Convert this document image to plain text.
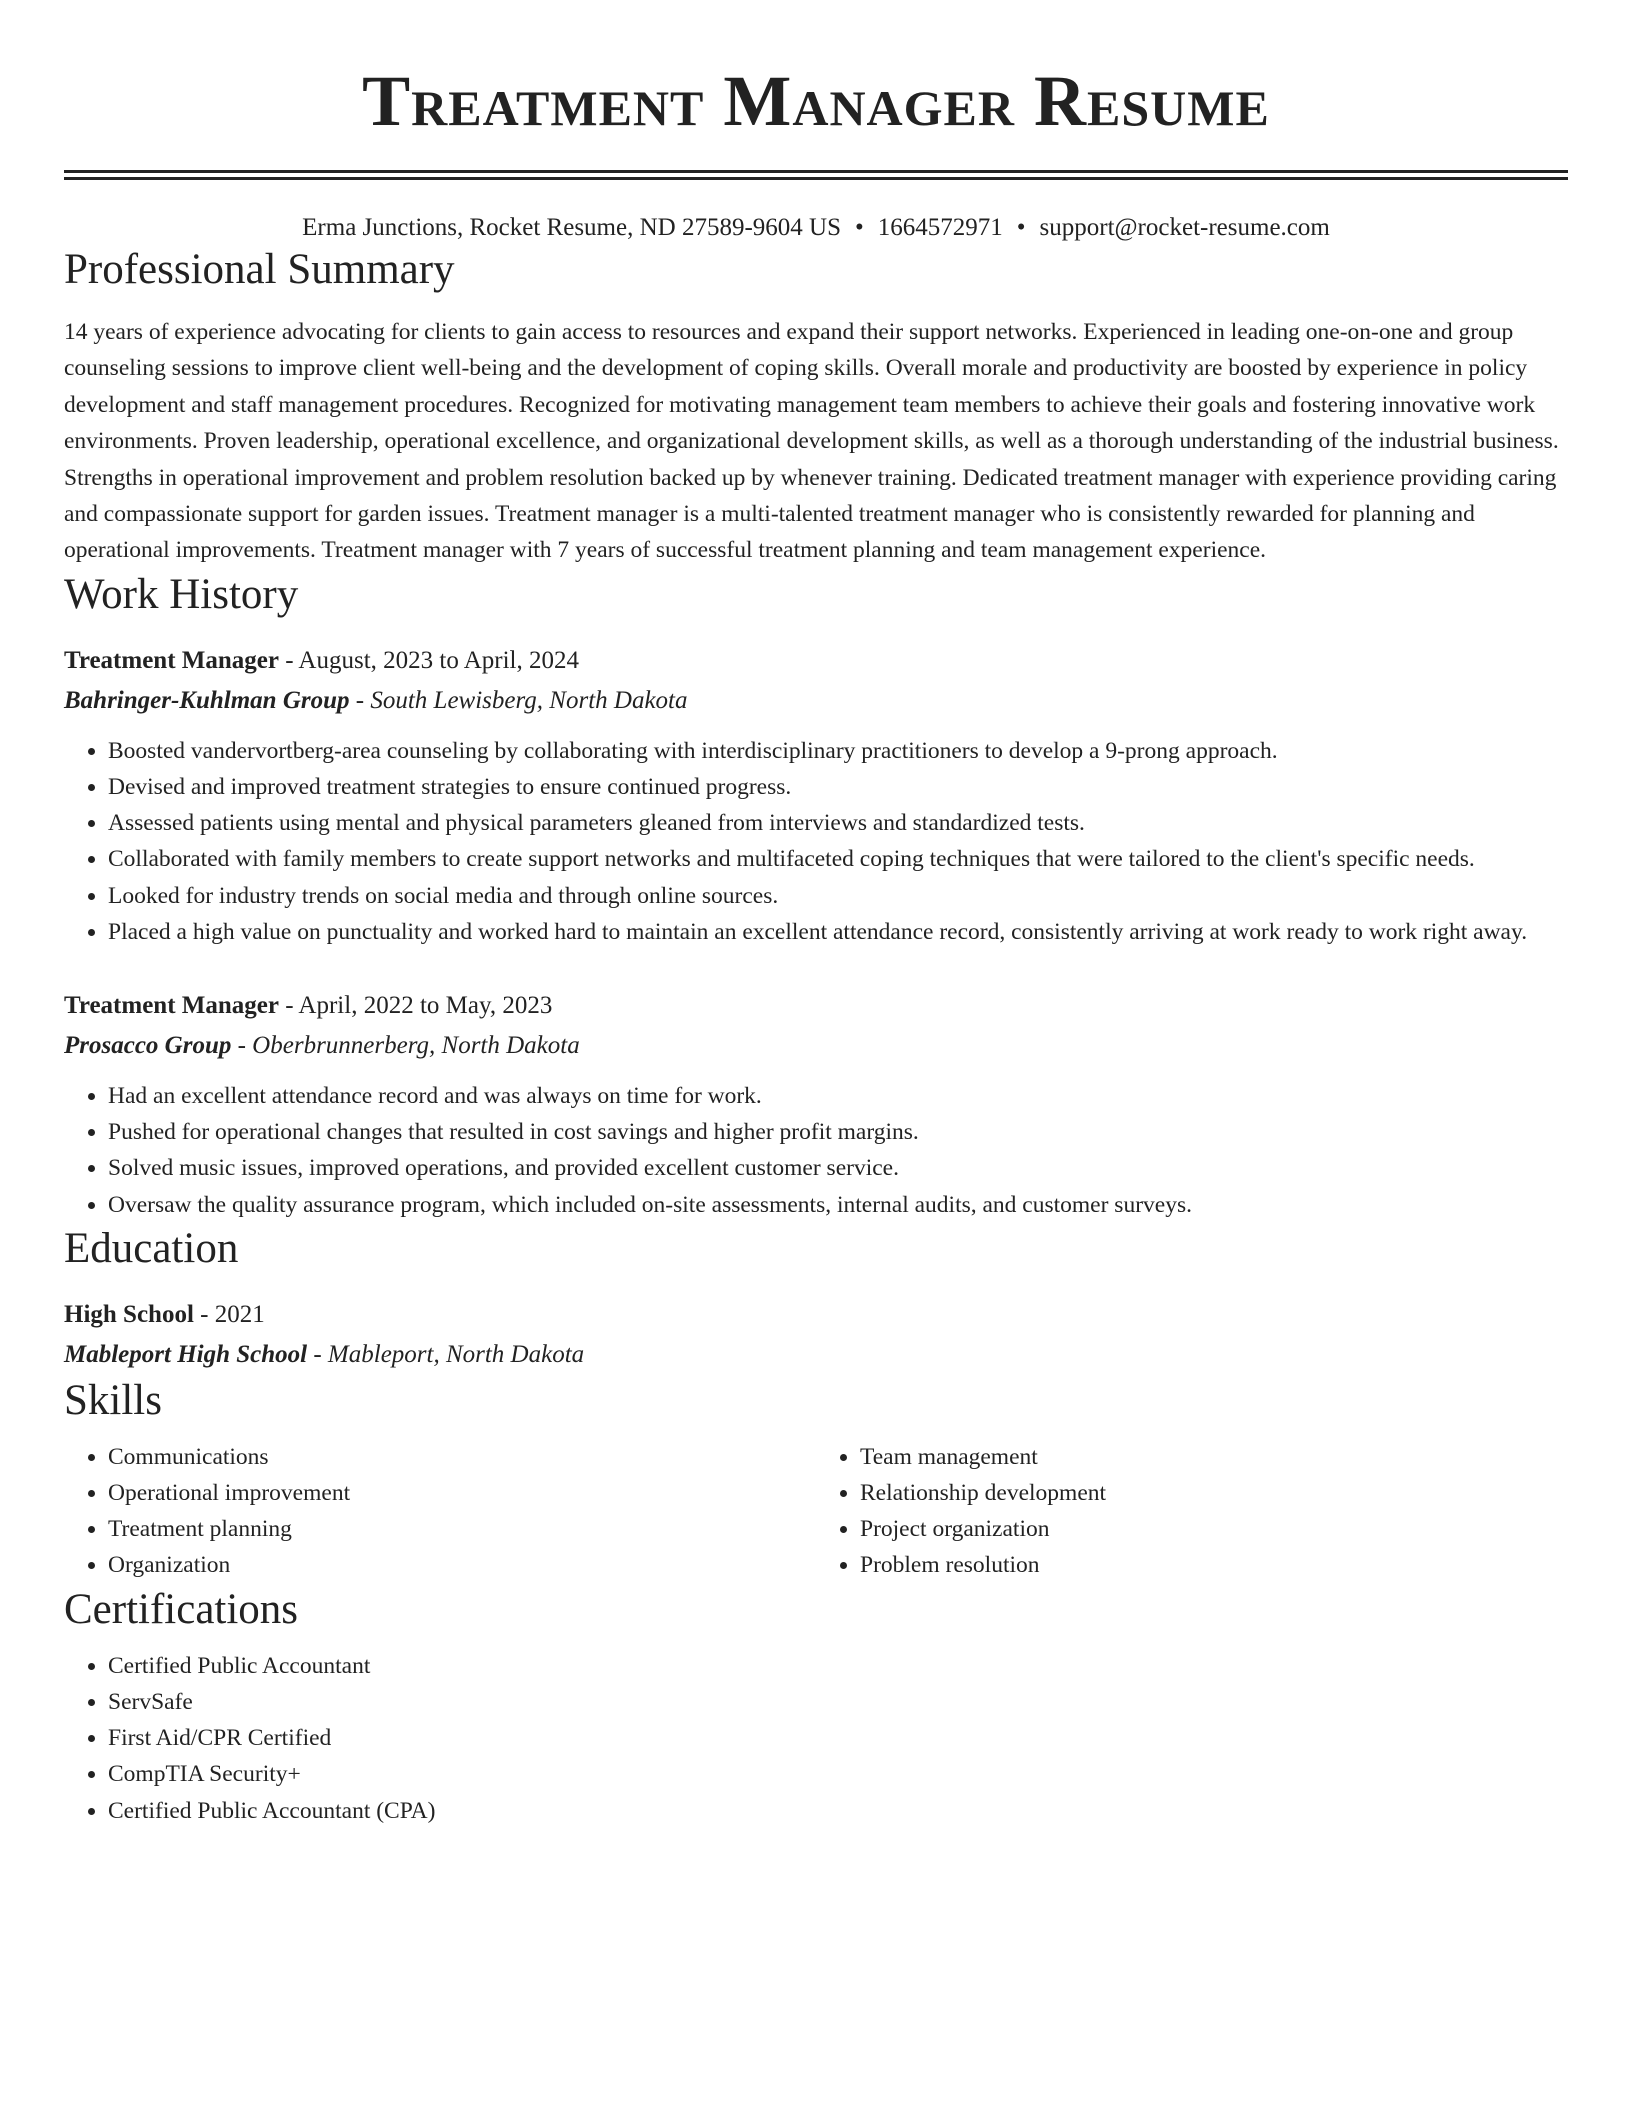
Treatment Manager Resume
Erma Junctions, Rocket Resume, ND 27589-9604 US • 1664572971 • support@rocket-resume.com
Professional Summary

14 years of experience advocating for clients to gain access to resources and expand their support networks. Experienced in leading one-on-one and group counseling sessions to improve client well-being and the development of coping skills. Overall morale and productivity are boosted by experience in policy development and staff management procedures. Recognized for motivating management team members to achieve their goals and fostering innovative work environments. Proven leadership, operational excellence, and organizational development skills, as well as a thorough understanding of the industrial business. Strengths in operational improvement and problem resolution backed up by whenever training. Dedicated treatment manager with experience providing caring and compassionate support for garden issues. Treatment manager is a multi-talented treatment manager who is consistently rewarded for planning and operational improvements. Treatment manager with 7 years of successful treatment planning and team management experience.

Work History
Treatment Manager - August, 2023 to April, 2024
Bahringer-Kuhlman Group - South Lewisberg, North Dakota
• Boosted vandervortberg-area counseling by collaborating with interdisciplinary practitioners to develop a 9-prong approach.
• Devised and improved treatment strategies to ensure continued progress.
• Assessed patients using mental and physical parameters gleaned from interviews and standardized tests.
• Collaborated with family members to create support networks and multifaceted coping techniques that were tailored to the client's specific needs.
• Looked for industry trends on social media and through online sources.
• Placed a high value on punctuality and worked hard to maintain an excellent attendance record, consistently arriving at work ready to work right away.
Treatment Manager - April, 2022 to May, 2023
Prosacco Group - Oberbrunnerberg, North Dakota
• Had an excellent attendance record and was always on time for work.
• Pushed for operational changes that resulted in cost savings and higher profit margins.
• Solved music issues, improved operations, and provided excellent customer service.
• Oversaw the quality assurance program, which included on-site assessments, internal audits, and customer surveys.
Education
High School - 2021
Mableport High School - Mableport, North Dakota
Skills
• Communications
• Operational improvement
• Treatment planning
• Organization
• Team management
• Relationship development
• Project organization
• Problem resolution
Certifications
• Certified Public Accountant
• ServSafe
• First Aid/CPR Certified
• CompTIA Security+
• Certified Public Accountant (CPA)
